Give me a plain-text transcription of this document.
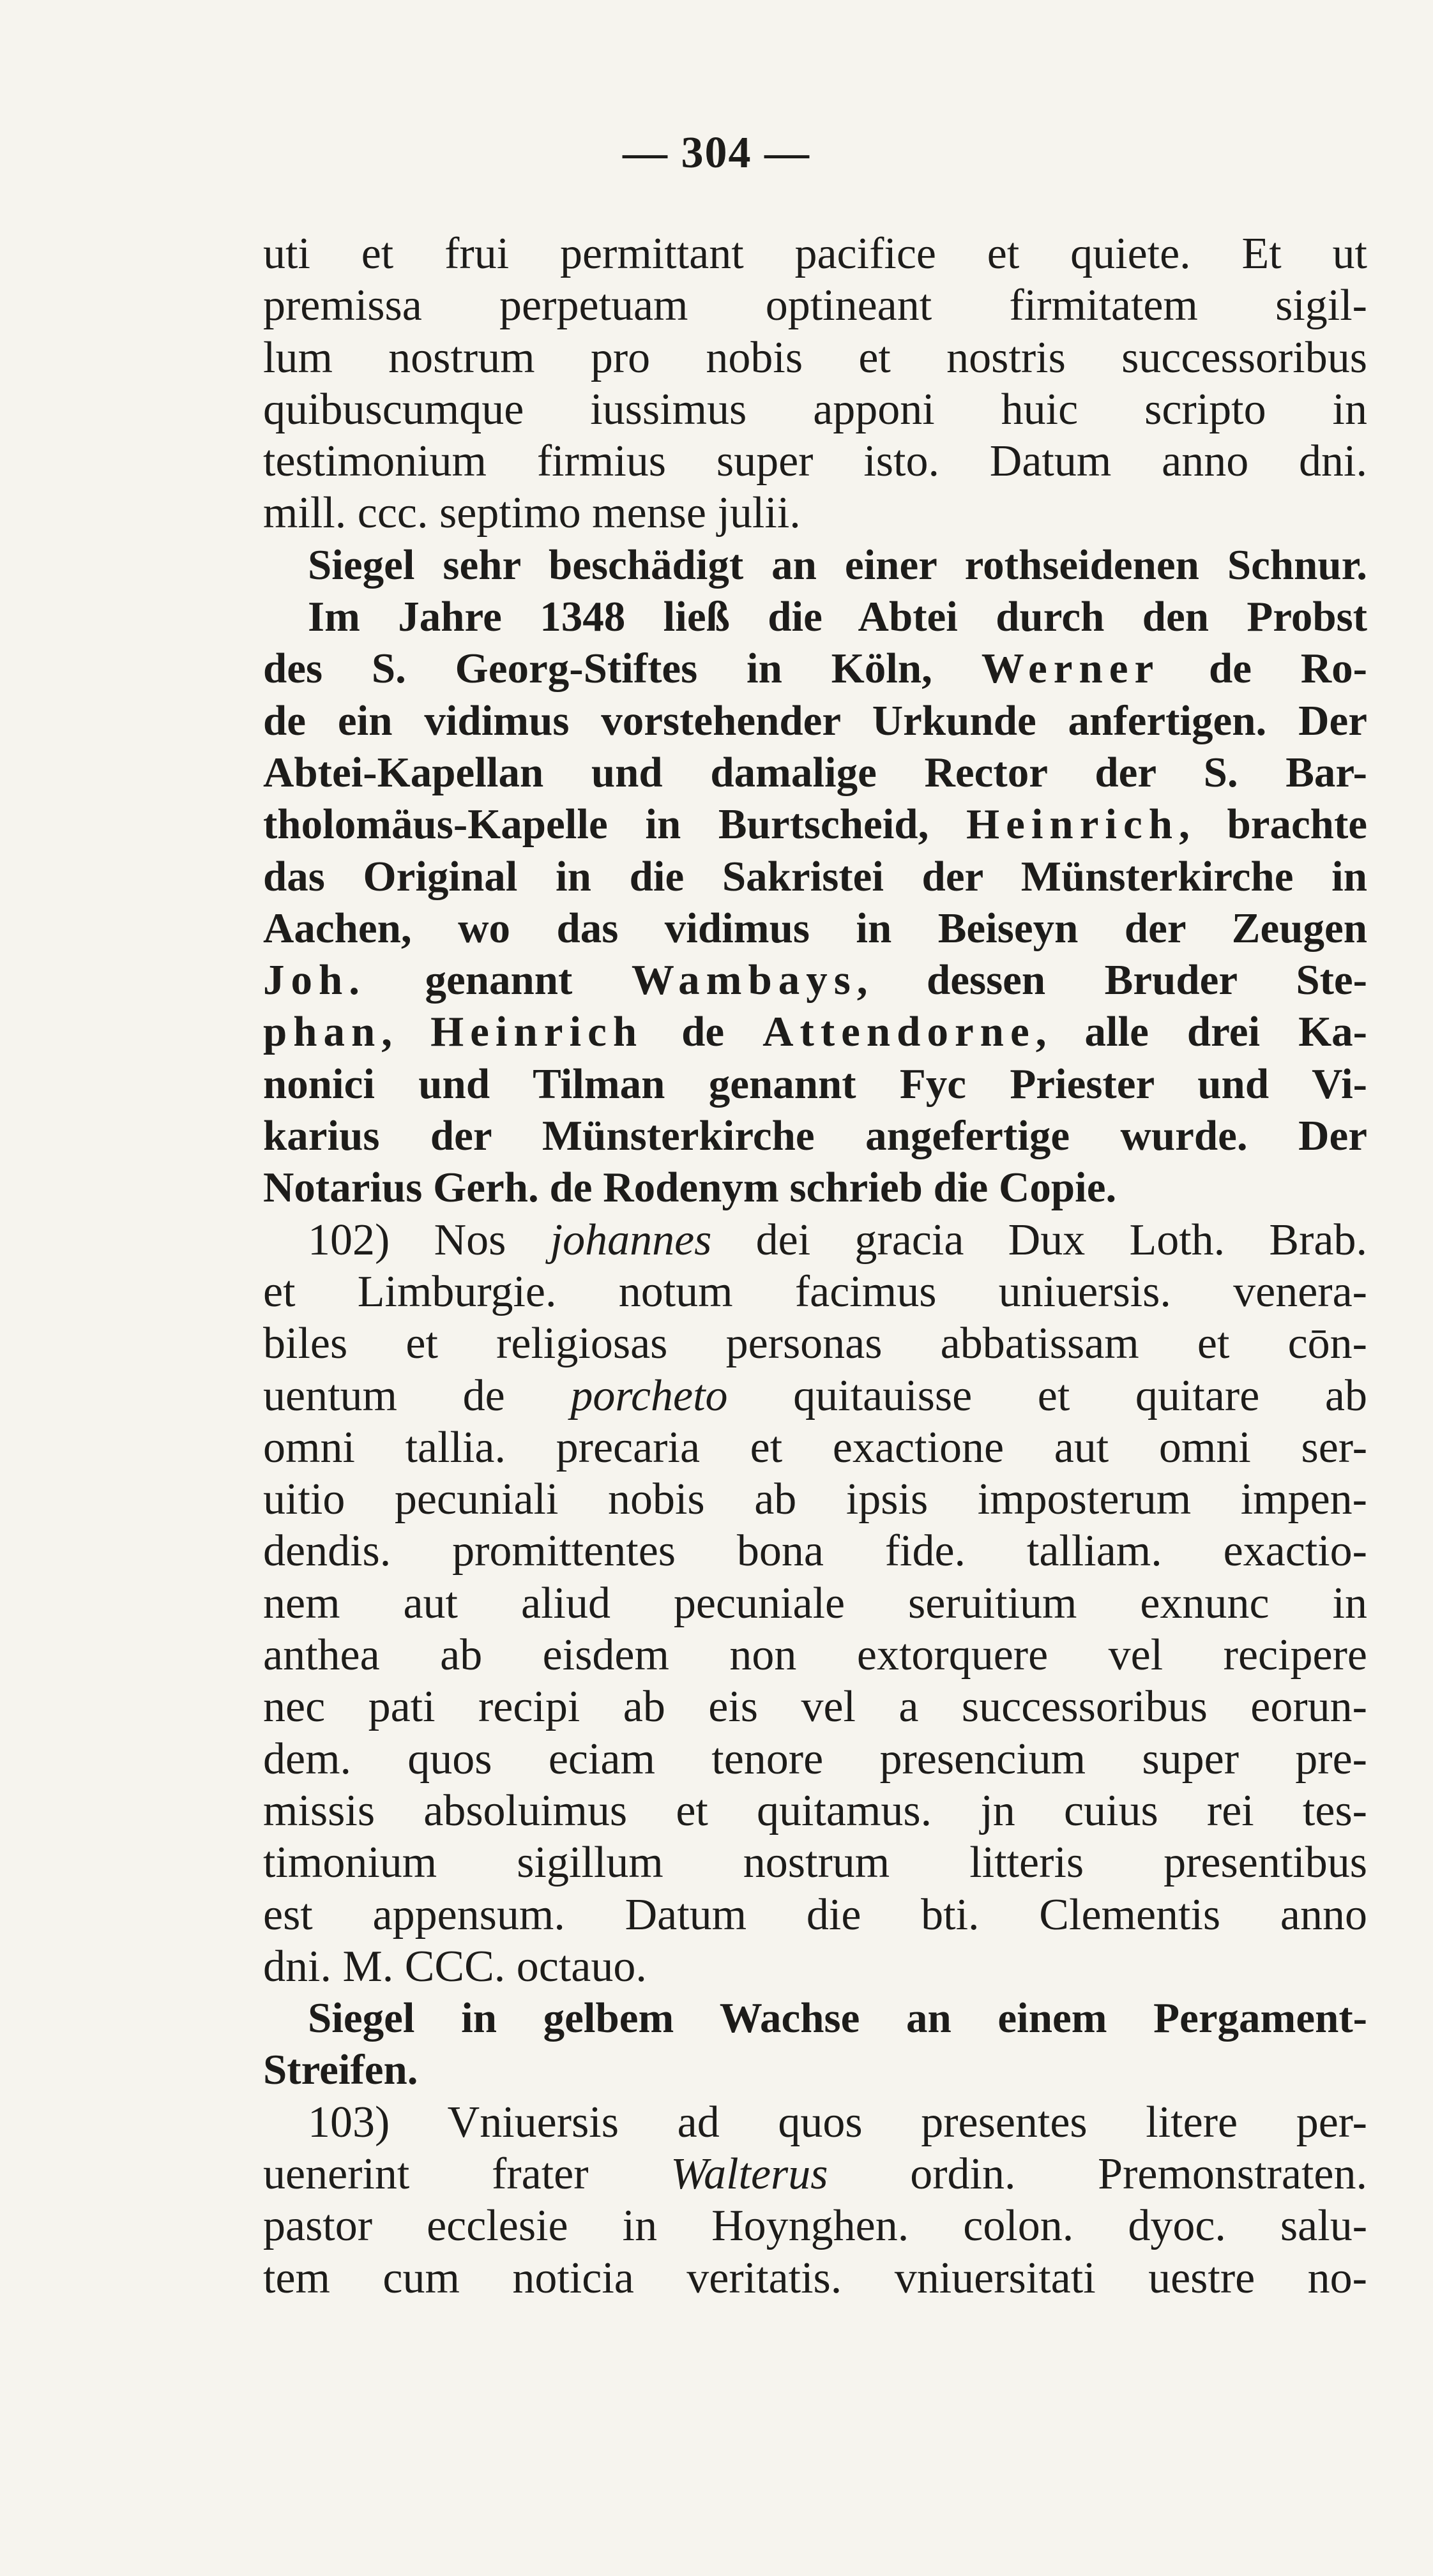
— 304 —
uti et frui permittant pacifice et quiete. Et ut
premissa perpetuam optineant firmitatem sigil-
lum nostrum pro nobis et nostris successoribus
quibuscumque iussimus apponi huic scripto in
testimonium firmius super isto. Datum anno dni.
mill. ccc. septimo mense julii.
Siegel sehr beschädigt an einer rothseidenen Schnur.
Im Jahre 1348 ließ die Abtei durch den Probst
des S. Georg-Stiftes in Köln, Werner de Ro-
de ein vidimus vorstehender Urkunde anfertigen. Der
Abtei-Kapellan und damalige Rector der S. Bar-
tholomäus-Kapelle in Burtscheid, Heinrich, brachte
das Original in die Sakristei der Münsterkirche in
Aachen, wo das vidimus in Beiseyn der Zeugen
Joh. genannt Wambays, dessen Bruder Ste-
phan, Heinrich de Attendorne, alle drei Ka-
nonici und Tilman genannt Fyc Priester und Vi-
karius der Münsterkirche angefertige wurde. Der
Notarius Gerh. de Rodenym schrieb die Copie.
102) Nos johannes dei gracia Dux Loth. Brab.
et Limburgie. notum facimus uniuersis. venera-
biles et religiosas personas abbatissam et cōn-
uentum de porcheto quitauisse et quitare ab
omni tallia. precaria et exactione aut omni ser-
uitio pecuniali nobis ab ipsis imposterum impen-
dendis. promittentes bona fide. talliam. exactio-
nem aut aliud pecuniale seruitium exnunc in
anthea ab eisdem non extorquere vel recipere
nec pati recipi ab eis vel a successoribus eorun-
dem. quos eciam tenore presencium super pre-
missis absoluimus et quitamus. jn cuius rei tes-
timonium sigillum nostrum litteris presentibus
est appensum. Datum die bti. Clementis anno
dni. M. CCC. octauo.
Siegel in gelbem Wachse an einem Pergament-
Streifen.
103) Vniuersis ad quos presentes litere per-
uenerint frater Walterus ordin. Premonstraten.
pastor ecclesie in Hoynghen. colon. dyoc. salu-
tem cum noticia veritatis. vniuersitati uestre no-
